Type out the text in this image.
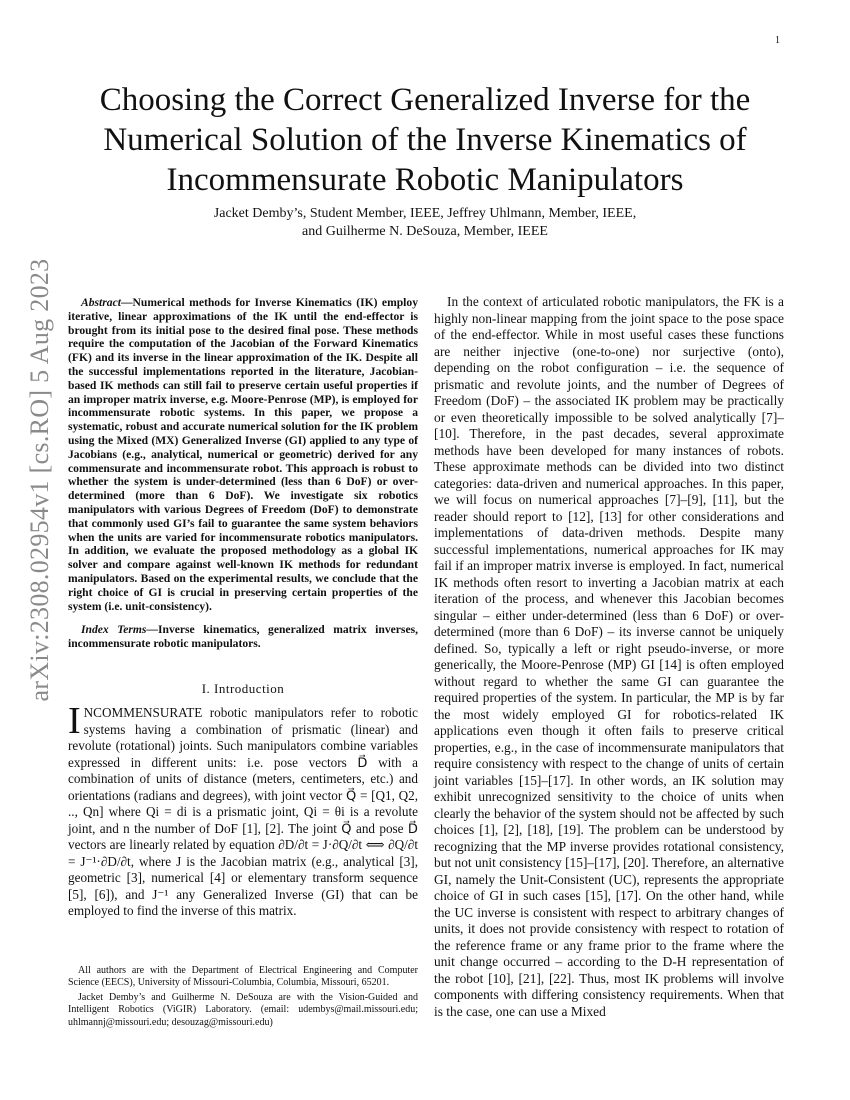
1
arXiv:2308.02954v1 [cs.RO] 5 Aug 2023
Choosing the Correct Generalized Inverse for the Numerical Solution of the Inverse Kinematics of Incommensurate Robotic Manipulators
Jacket Demby’s, Student Member, IEEE, Jeffrey Uhlmann, Member, IEEE,
and Guilherme N. DeSouza, Member, IEEE

Abstract—Numerical methods for Inverse Kinematics (IK) employ iterative, linear approximations of the IK until the end-effector is brought from its initial pose to the desired final pose. These methods require the computation of the Jacobian of the Forward Kinematics (FK) and its inverse in the linear approximation of the IK. Despite all the successful implementations reported in the literature, Jacobian-based IK methods can still fail to preserve certain useful properties if an improper matrix inverse, e.g. Moore-Penrose (MP), is employed for incommensurate robotic systems. In this paper, we propose a systematic, robust and accurate numerical solution for the IK problem using the Mixed (MX) Generalized Inverse (GI) applied to any type of Jacobians (e.g., analytical, numerical or geometric) derived for any commensurate and incommensurate robot. This approach is robust to whether the system is under-determined (less than 6 DoF) or over-determined (more than 6 DoF). We investigate six robotics manipulators with various Degrees of Freedom (DoF) to demonstrate that commonly used GI’s fail to guarantee the same system behaviors when the units are varied for incommensurate robotics manipulators. In addition, we evaluate the proposed methodology as a global IK solver and compare against well-known IK methods for redundant manipulators. Based on the experimental results, we conclude that the right choice of GI is crucial in preserving certain properties of the system (i.e. unit-consistency).

Index Terms—Inverse kinematics, generalized matrix inverses, incommensurate robotic manipulators.

I. Introduction

INCOMMENSURATE robotic manipulators refer to robotic systems having a combination of prismatic (linear) and revolute (rotational) joints. Such manipulators combine variables expressed in different units: i.e. pose vectors D⃗ with a combination of units of distance (meters, centimeters, etc.) and orientations (radians and degrees), with joint vector Q⃗ = [Q1, Q2, .., Qn] where Qi = di is a prismatic joint, Qi = θi is a revolute joint, and n the number of DoF [1], [2]. The joint Q⃗ and pose D⃗ vectors are linearly related by equation ∂D/∂t = J·∂Q/∂t ⟺ ∂Q/∂t = J⁻¹·∂D/∂t, where J is the Jacobian matrix (e.g., analytical [3], geometric [3], numerical [4] or elementary transform sequence [5], [6]), and J⁻¹ any Generalized Inverse (GI) that can be employed to find the inverse of this matrix.

All authors are with the Department of Electrical Engineering and Computer Science (EECS), University of Missouri-Columbia, Columbia, Missouri, 65201.

Jacket Demby’s and Guilherme N. DeSouza are with the Vision-Guided and Intelligent Robotics (ViGIR) Laboratory. (email: udembys@mail.missouri.edu; uhlmannj@missouri.edu; desouzag@missouri.edu)

In the context of articulated robotic manipulators, the FK is a highly non-linear mapping from the joint space to the pose space of the end-effector. While in most useful cases these functions are neither injective (one-to-one) nor surjective (onto), depending on the robot configuration – i.e. the sequence of prismatic and revolute joints, and the number of Degrees of Freedom (DoF) – the associated IK problem may be practically or even theoretically impossible to be solved analytically [7]–[10]. Therefore, in the past decades, several approximate methods have been developed for many instances of robots. These approximate methods can be divided into two distinct categories: data-driven and numerical approaches. In this paper, we will focus on numerical approaches [7]–[9], [11], but the reader should report to [12], [13] for other considerations and implementations of data-driven methods. Despite many successful implementations, numerical approaches for IK may fail if an improper matrix inverse is employed. In fact, numerical IK methods often resort to inverting a Jacobian matrix at each iteration of the process, and whenever this Jacobian becomes singular – either under-determined (less than 6 DoF) or over-determined (more than 6 DoF) – its inverse cannot be uniquely defined. So, typically a left or right pseudo-inverse, or more generically, the Moore-Penrose (MP) GI [14] is often employed without regard to whether the same GI can guarantee the required properties of the system. In particular, the MP is by far the most widely employed GI for robotics-related IK applications even though it often fails to preserve critical properties, e.g., in the case of incommensurate manipulators that require consistency with respect to the change of units of certain joint variables [15]–[17]. In other words, an IK solution may exhibit unrecognized sensitivity to the choice of units when clearly the behavior of the system should not be affected by such choices [1], [2], [18], [19]. The problem can be understood by recognizing that the MP inverse provides rotational consistency, but not unit consistency [15]–[17], [20]. Therefore, an alternative GI, namely the Unit-Consistent (UC), represents the appropriate choice of GI in such cases [15], [17]. On the other hand, while the UC inverse is consistent with respect to arbitrary changes of units, it does not provide consistency with respect to rotation of the reference frame or any frame prior to the frame where the unit change occurred – according to the D-H representation of the robot [10], [21], [22]. Thus, most IK problems will involve components with differing consistency requirements. When that is the case, one can use a Mixed
